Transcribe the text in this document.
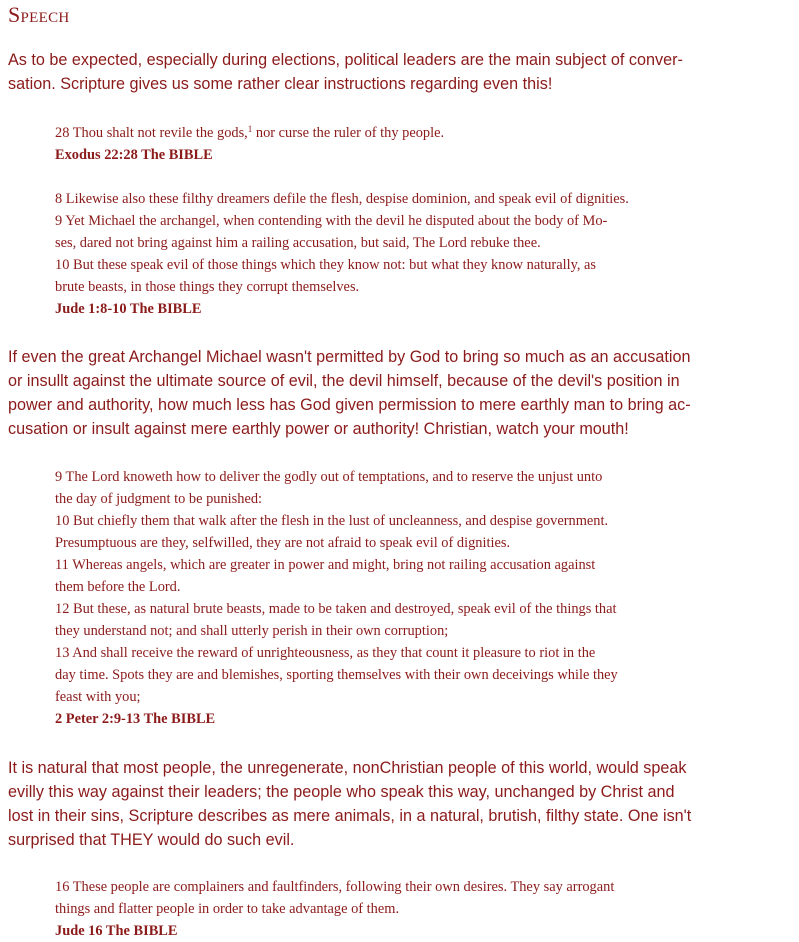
Speech
As to be expected, especially during elections, political leaders are the main subject of conver-
sation. Scripture gives us some rather clear instructions regarding even this!
28 Thou shalt not revile the gods,$^1$ nor curse the ruler of thy people.
Exodus 22:28 The BIBLE
8 Likewise also these filthy dreamers defile the flesh, despise dominion, and speak evil of dignities.
9 Yet Michael the archangel, when contending with the devil he disputed about the body of Mo-
ses, dared not bring against him a railing accusation, but said, The Lord rebuke thee.
10 But these speak evil of those things which they know not: but what they know naturally, as
brute beasts, in those things they corrupt themselves.
Jude 1:8-10 The BIBLE
If even the great Archangel Michael wasn't permitted by God to bring so much as an accusation
or insullt against the ultimate source of evil, the devil himself, because of the devil's position in
power and authority, how much less has God given permission to mere earthly man to bring ac-
cusation or insult against mere earthly power or authority! Christian, watch your mouth!
9 The Lord knoweth how to deliver the godly out of temptations, and to reserve the unjust unto
the day of judgment to be punished:
10 But chiefly them that walk after the flesh in the lust of uncleanness, and despise government.
Presumptuous are they, selfwilled, they are not afraid to speak evil of dignities.
11 Whereas angels, which are greater in power and might, bring not railing accusation against
them before the Lord.
12 But these, as natural brute beasts, made to be taken and destroyed, speak evil of the things that
they understand not; and shall utterly perish in their own corruption;
13 And shall receive the reward of unrighteousness, as they that count it pleasure to riot in the
day time. Spots they are and blemishes, sporting themselves with their own deceivings while they
feast with you;
2 Peter 2:9-13 The BIBLE
It is natural that most people, the unregenerate, nonChristian people of this world, would speak
evilly this way against their leaders; the people who speak this way, unchanged by Christ and
lost in their sins, Scripture describes as mere animals, in a natural, brutish, filthy state. One isn't
surprised that THEY would do such evil.
16 These people are complainers and faultfinders, following their own desires. They say arrogant
things and flatter people in order to take advantage of them.
Jude 16 The BIBLE
